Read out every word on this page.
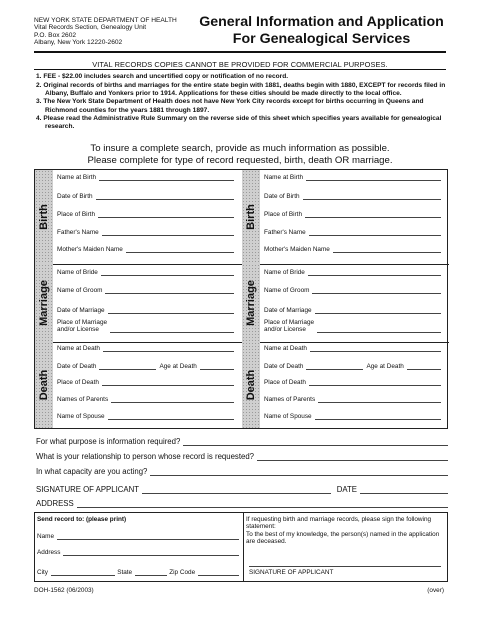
NEW YORK STATE DEPARTMENT OF HEALTH
Vital Records Section, Genealogy Unit
P.O. Box 2602
Albany, New York 12220-2602
General Information and Application
For Genealogical Services
VITAL RECORDS COPIES CANNOT BE PROVIDED FOR COMMERCIAL PURPOSES.

1. FEE - $22.00 includes search and uncertified copy or notification of no record.

2. Original records of births and marriages for the entire state begin with 1881, deaths begin with 1880, EXCEPT for records filed in Albany, Buffalo and Yonkers prior to 1914. Applications for these cities should be made directly to the local office.

3. The New York State Department of Health does not have New York City records except for births occurring in Queens and Richmond counties for the years 1881 through 1897.

4. Please read the Administrative Rule Summary on the reverse side of this sheet which specifies years available for genealogical research.

To insure a complete search, provide as much information as possible.
Please complete for type of record requested, birth, death OR marriage.
Birth
Name at Birth
Date of Birth
Place of Birth
Father's Name
Mother's Maiden Name
Marriage
Name of Bride
Name of Groom
Date of Marriage
Place of Marriage
and/or License
Death
Name at Death
Date of Death	Age at Death
Place of Death
Names of Parents
Name of Spouse
Birth
Name at Birth
Date of Birth
Place of Birth
Father's Name
Mother's Maiden Name
Marriage
Name of Bride
Name of Groom
Date of Marriage
Place of Marriage
and/or License
Death
Name at Death
Date of Death	Age at Death
Place of Death
Names of Parents
Name of Spouse
For what purpose is information required?
What is your relationship to person whose record is requested?
In what capacity are you acting?
SIGNATURE OF APPLICANT	DATE
ADDRESS
Send record to: (please print)
Name
Address
City	State	Zip Code
If requesting birth and marriage records, please sign the following statement:
To the best of my knowledge, the person(s) named in the application are deceased.
SIGNATURE OF APPLICANT
DOH-1562 (06/2003)	(over)
